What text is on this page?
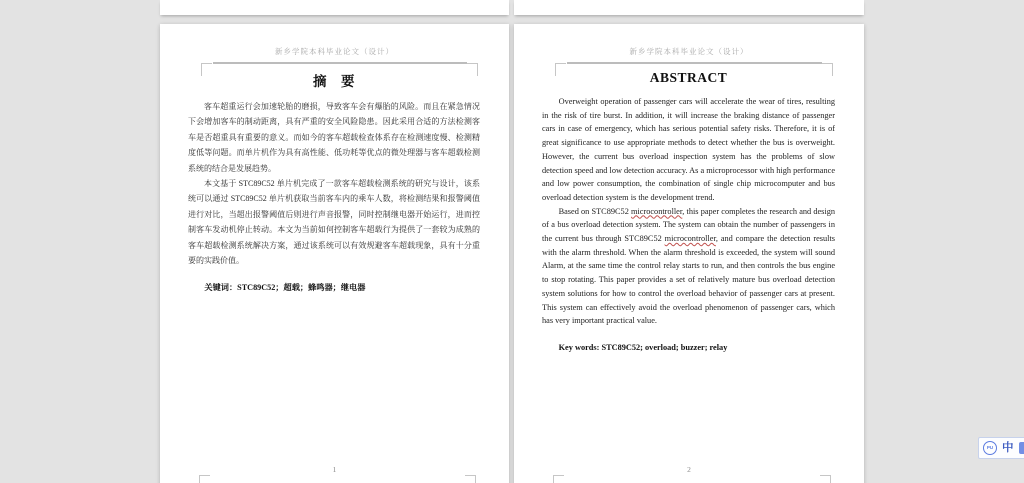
新乡学院本科毕业论文（设计）
摘　要

客车超重运行会加速轮胎的磨损，导致客车会有爆胎的风险。而且在紧急情况下会增加客车的制动距离，具有严重的安全风险隐患。因此采用合适的方法检测客车是否超重具有重要的意义。而如今的客车超载检查体系存在检测速度慢、检测精度低等问题。而单片机作为具有高性能、低功耗等优点的微处理器与客车超载检测系统的结合是发展趋势。

本文基于 STC89C52 单片机完成了一款客车超载检测系统的研究与设计，该系统可以通过 STC89C52 单片机获取当前客车内的乘车人数，将检测结果和报警阈值进行对比，当超出报警阈值后则进行声音报警，同时控制继电器开始运行，进而控制客车发动机停止转动。本文为当前如何控制客车超载行为提供了一套较为成熟的客车超载检测系统解决方案，通过该系统可以有效规避客车超载现象，具有十分重要的实践价值。

关键词：STC89C52；超载；蜂鸣器；继电器
1
新乡学院本科毕业论文（设计）
ABSTRACT

Overweight operation of passenger cars will accelerate the wear of tires, resulting in the risk of tire burst. In addition, it will increase the braking distance of passenger cars in case of emergency, which has serious potential safety risks. Therefore, it is of great significance to use appropriate methods to detect whether the bus is overweight. However, the current bus overload inspection system has the problems of slow detection speed and low detection accuracy. As a microprocessor with high performance and low power consumption, the combination of single chip microcomputer and bus overload detection system is the development trend.

Based on STC89C52 microcontroller, this paper completes the research and design of a bus overload detection system. The system can obtain the number of passengers in the current bus through STC89C52 microcontroller, and compare the detection results with the alarm threshold. When the alarm threshold is exceeded, the system will sound Alarm, at the same time the control relay starts to run, and then controls the bus engine to stop rotating. This paper provides a set of relatively mature bus overload detection system solutions for how to control the overload behavior of passenger cars at present. This system can effectively avoid the overload phenomenon of passenger cars, which has very important practical value.

Key words: STC89C52; overload; buzzer; relay
2
PU 中
